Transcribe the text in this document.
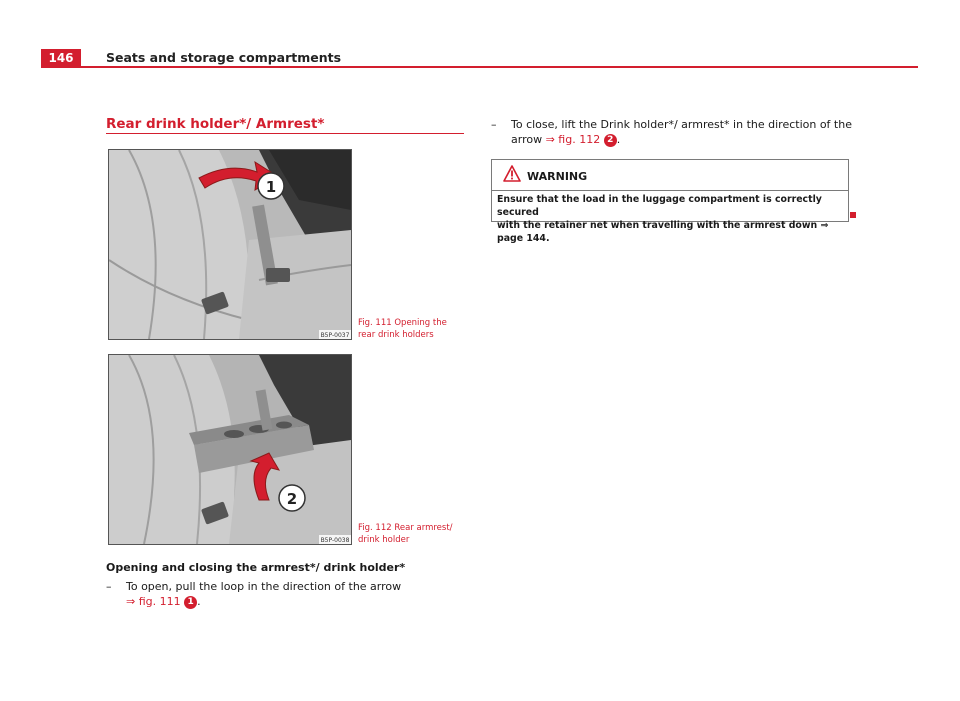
146	Seats and storage compartments
Rear drink holder*/ Armrest*
1
B5P-0037
Fig. 111 Opening the
rear drink holders
2
B5P-0038
Fig. 112 Rear armrest/
drink holder
Opening and closing the armrest*/ drink holder*
– To open, pull the loop in the direction of the arrow
⇒ fig. 111 1 .
– To close, lift the Drink holder*/ armrest* in the direction of the
arrow ⇒ fig. 112 2 .
WARNING
Ensure that the load in the luggage compartment is correctly secured
with the retainer net when travelling with the armrest down ⇒ page 144.
